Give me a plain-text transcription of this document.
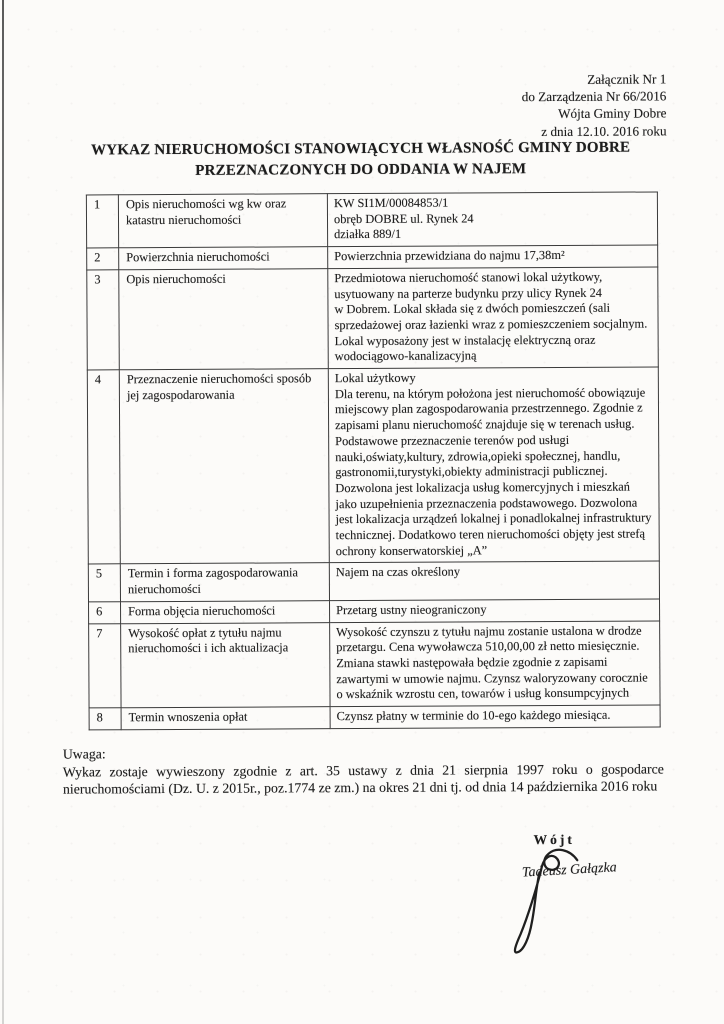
Załącznik Nr 1
do Zarządzenia Nr 66/2016
Wójta Gminy Dobre
z dnia 12.10. 2016 roku
WYKAZ NIERUCHOMOŚCI STANOWIĄCYCH WŁASNOŚĆ GMINY DOBRE
PRZEZNACZONYCH DO ODDANIA W NAJEM
1	Opis nieruchomości wg kw oraz katastru nieruchomości	KW SI1M/00084853/1
obręb DOBRE ul. Rynek 24
działka 889/1
2	Powierzchnia nieruchomości	Powierzchnia przewidziana do najmu 17,38m²
3	Opis nieruchomości	Przedmiotowa nieruchomość stanowi lokal użytkowy,
usytuowany na parterze budynku przy ulicy Rynek 24
w Dobrem. Lokal składa się z dwóch pomieszczeń (sali
sprzedażowej oraz łazienki wraz z pomieszczeniem socjalnym.
Lokal wyposażony jest w instalację elektryczną oraz
wodociągowo-kanalizacyjną
4	Przeznaczenie nieruchomości sposób jej zagospodarowania	Lokal użytkowy
Dla terenu, na którym położona jest nieruchomość obowiązuje
miejscowy plan zagospodarowania przestrzennego. Zgodnie z
zapisami planu nieruchomość znajduje się w terenach usług.
Podstawowe przeznaczenie terenów pod usługi
nauki,oświaty,kultury, zdrowia,opieki społecznej, handlu,
gastronomii,turystyki,obiekty administracji publicznej.
Dozwolona jest lokalizacja usług komercyjnych i mieszkań
jako uzupełnienia przeznaczenia podstawowego. Dozwolona
jest lokalizacja urządzeń lokalnej i ponadlokalnej infrastruktury
technicznej. Dodatkowo teren nieruchomości objęty jest strefą
ochrony konserwatorskiej „A”
5	Termin i forma zagospodarowania nieruchomości	Najem na czas określony
6	Forma objęcia nieruchomości	Przetarg ustny nieograniczony
7	Wysokość opłat z tytułu najmu nieruchomości i ich aktualizacja	Wysokość czynszu z tytułu najmu zostanie ustalona w drodze
przetargu. Cena wywoławcza 510,00,00 zł netto miesięcznie.
Zmiana stawki następowała będzie zgodnie z zapisami
zawartymi w umowie najmu. Czynsz waloryzowany corocznie
o wskaźnik wzrostu cen, towarów i usług konsumpcyjnych
8	Termin wnoszenia opłat	Czynsz płatny w terminie do 10-ego każdego miesiąca.
Uwaga:
Wykaz zostaje wywieszony zgodnie z art. 35 ustawy z dnia 21 sierpnia 1997 roku o gospodarce nieruchomościami (Dz. U. z 2015r., poz.1774 ze zm.) na okres 21 dni tj. od dnia 14 października 2016 roku
Wójt
Tadeusz Gałązka
